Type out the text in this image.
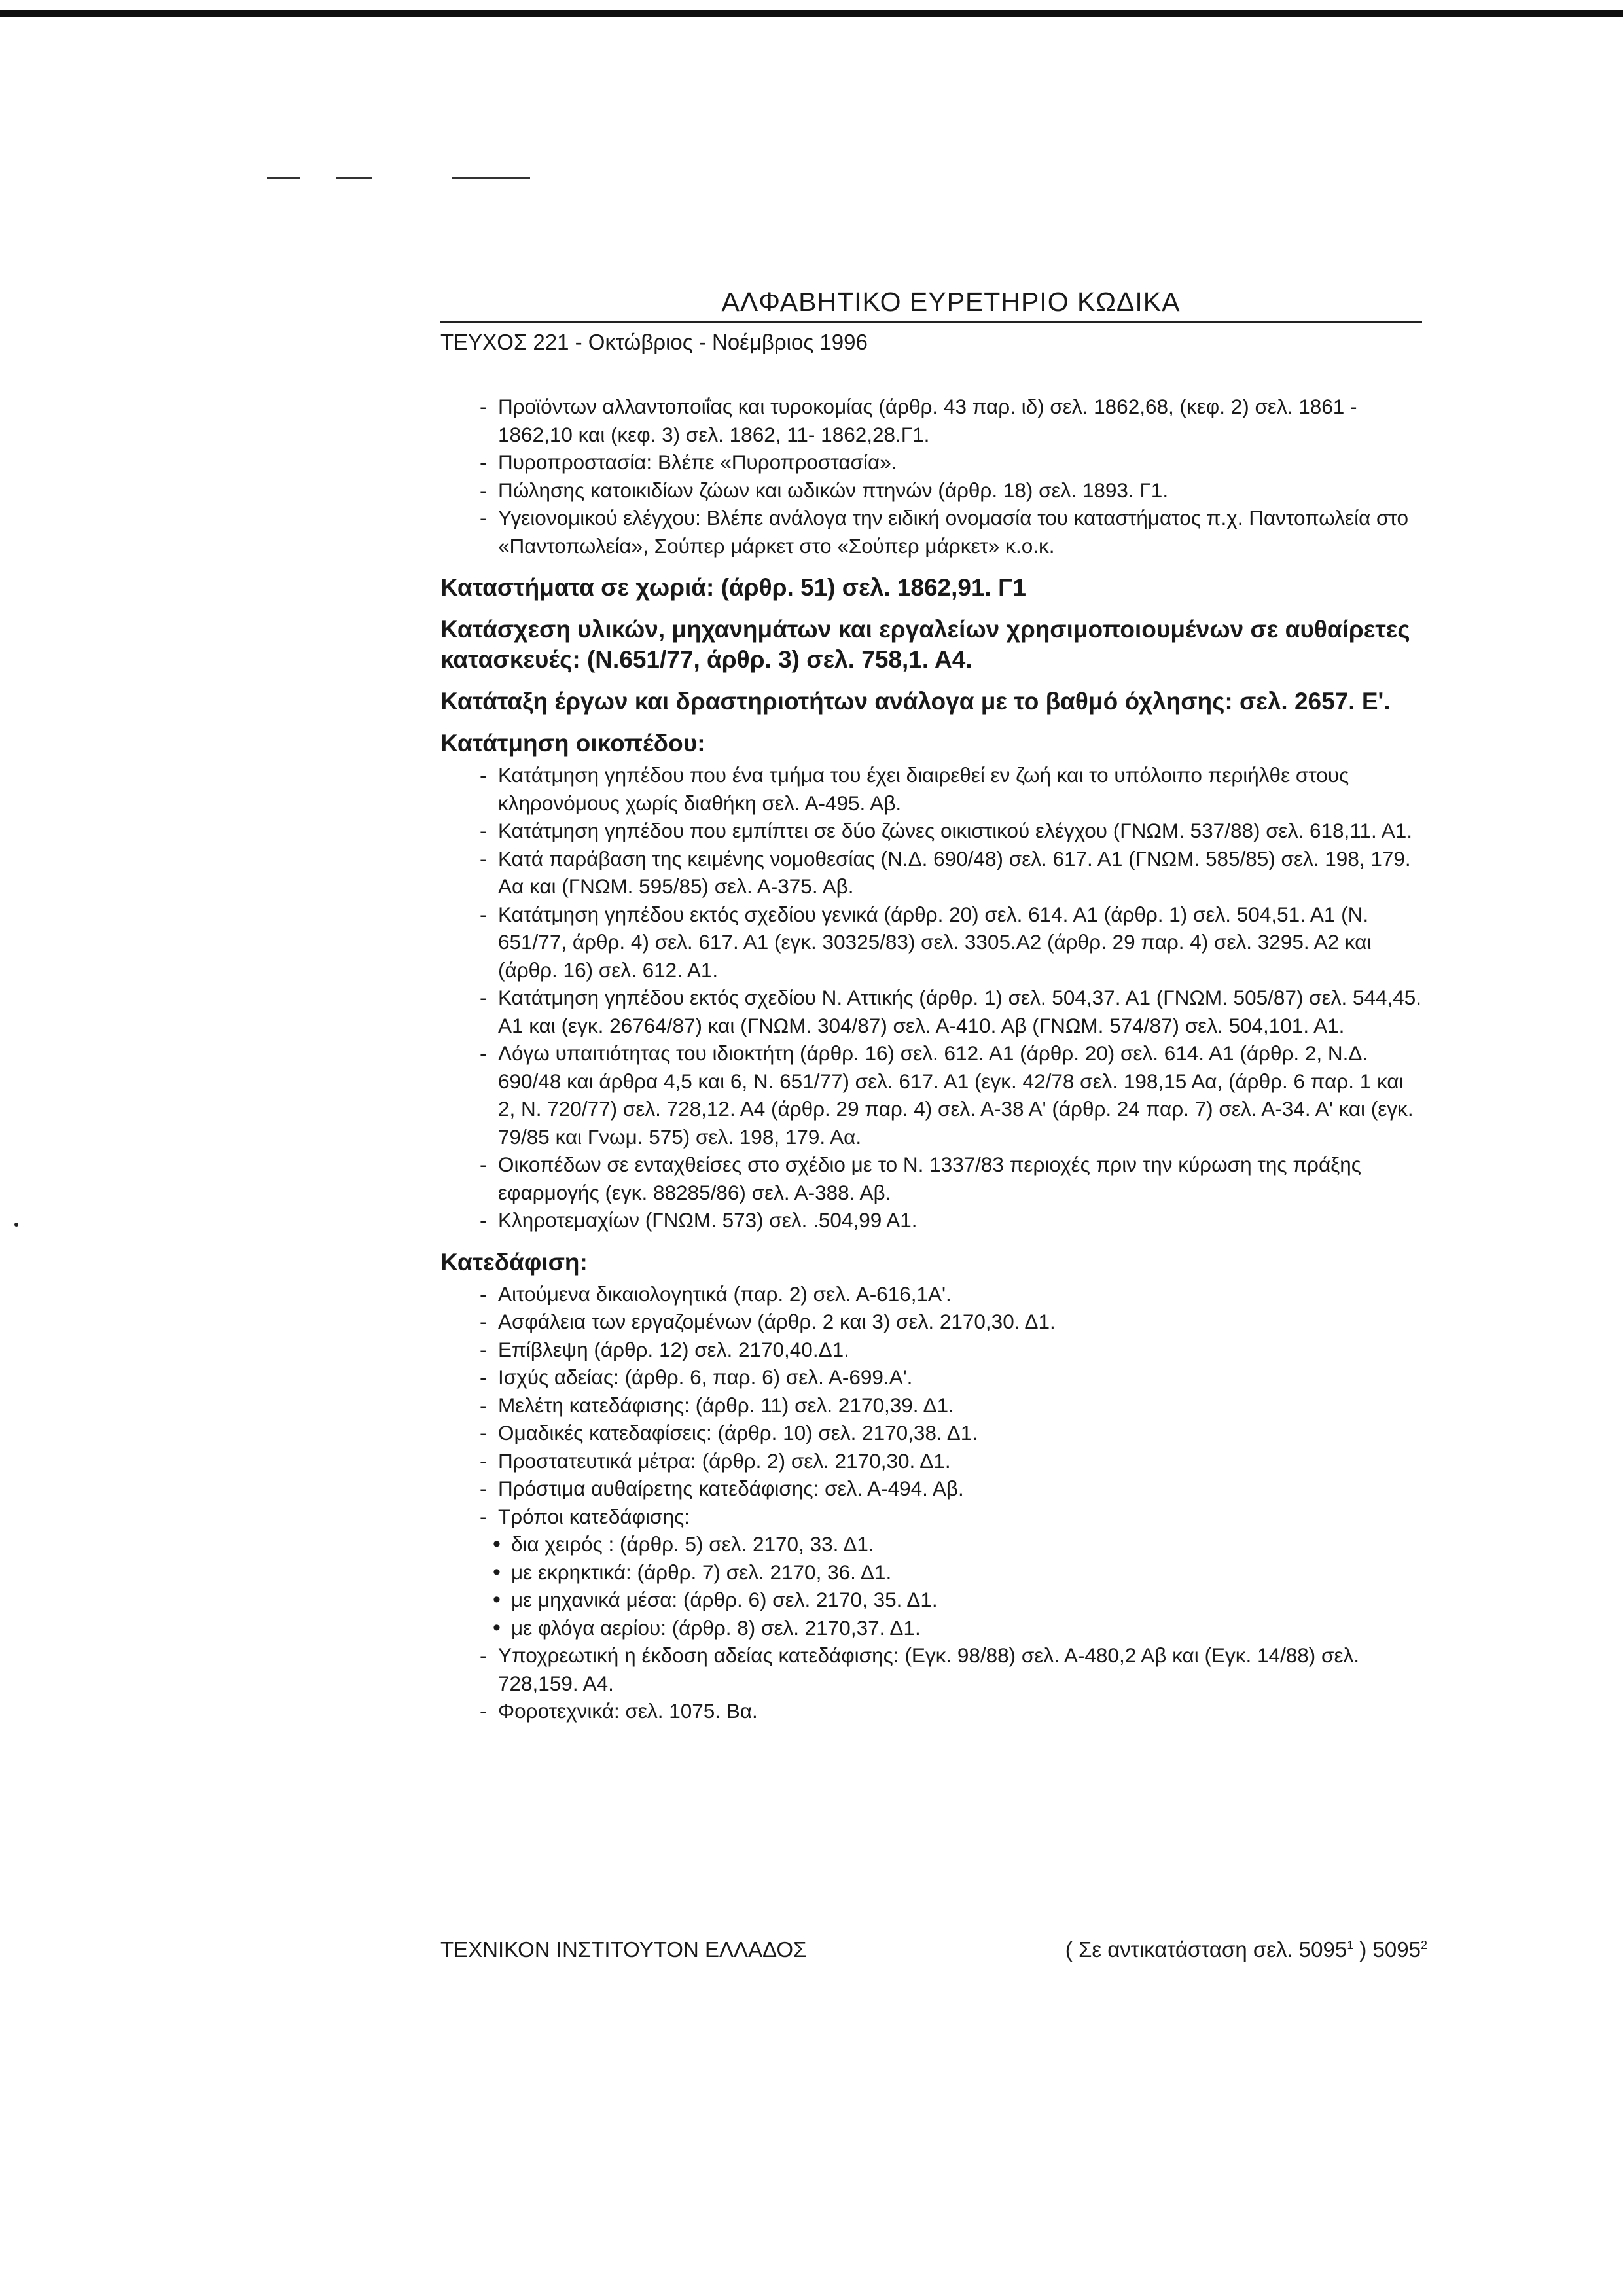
ΑΛΦΑΒΗΤΙΚΟ ΕΥΡΕΤΗΡΙΟ ΚΩΔΙΚΑ
ΤΕΥΧΟΣ 221 - Οκτώβριος - Νοέμβριος 1996
- Προϊόντων αλλαντοποιΐας και τυροκομίας (άρθρ. 43 παρ. ιδ) σελ. 1862,68, (κεφ. 2) σελ. 1861 - 1862,10 και (κεφ. 3) σελ. 1862, 11- 1862,28.Γ1.
- Πυροπροστασία: Βλέπε «Πυροπροστασία».
- Πώλησης κατοικιδίων ζώων και ωδικών πτηνών (άρθρ. 18) σελ. 1893. Γ1.
- Υγειονομικού ελέγχου: Βλέπε ανάλογα την ειδική ονομασία του καταστήματος π.χ. Παντοπωλεία στο «Παντοπωλεία», Σούπερ μάρκετ στο «Σούπερ μάρκετ» κ.ο.κ.

Καταστήματα σε χωριά: (άρθρ. 51) σελ. 1862,91. Γ1

Κατάσχεση υλικών, μηχανημάτων και εργαλείων χρησιμοποιουμένων σε αυθαίρετες κατασκευές: (Ν.651/77, άρθρ. 3) σελ. 758,1. Α4.

Κατάταξη έργων και δραστηριοτήτων ανάλογα με το βαθμό όχλησης: σελ. 2657. Ε'.

Κατάτμηση οικοπέδου:

- Κατάτμηση γηπέδου που ένα τμήμα του έχει διαιρεθεί εν ζωή και το υπόλοιπο περιήλθε στους κληρονόμους χωρίς διαθήκη σελ. Α-495. Αβ.
- Κατάτμηση γηπέδου που εμπίπτει σε δύο ζώνες οικιστικού ελέγχου (ΓΝΩΜ. 537/88) σελ. 618,11. Α1.
- Κατά παράβαση της κειμένης νομοθεσίας (Ν.Δ. 690/48) σελ. 617. Α1 (ΓΝΩΜ. 585/85) σελ. 198, 179. Αα και (ΓΝΩΜ. 595/85) σελ. Α-375. Αβ.
- Κατάτμηση γηπέδου εκτός σχεδίου γενικά (άρθρ. 20) σελ. 614. Α1 (άρθρ. 1) σελ. 504,51. Α1 (Ν. 651/77, άρθρ. 4) σελ. 617. Α1 (εγκ. 30325/83) σελ. 3305.Α2 (άρθρ. 29 παρ. 4) σελ. 3295. Α2 και (άρθρ. 16) σελ. 612. Α1.
- Κατάτμηση γηπέδου εκτός σχεδίου Ν. Αττικής (άρθρ. 1) σελ. 504,37. Α1 (ΓΝΩΜ. 505/87) σελ. 544,45. Α1 και (εγκ. 26764/87) και (ΓΝΩΜ. 304/87) σελ. Α-410. Αβ (ΓΝΩΜ. 574/87) σελ. 504,101. Α1.
- Λόγω υπαιτιότητας του ιδιοκτήτη (άρθρ. 16) σελ. 612. Α1 (άρθρ. 20) σελ. 614. Α1 (άρθρ. 2, Ν.Δ. 690/48 και άρθρα 4,5 και 6, Ν. 651/77) σελ. 617. Α1 (εγκ. 42/78 σελ. 198,15 Αα, (άρθρ. 6 παρ. 1 και 2, Ν. 720/77) σελ. 728,12. Α4 (άρθρ. 29 παρ. 4) σελ. Α-38 Α' (άρθρ. 24 παρ. 7) σελ. Α-34. Α' και (εγκ. 79/85 και Γνωμ. 575) σελ. 198, 179. Αα.
- Οικοπέδων σε ενταχθείσες στο σχέδιο με το Ν. 1337/83 περιοχές πριν την κύρωση της πράξης εφαρμογής (εγκ. 88285/86) σελ. Α-388. Αβ.
- Κληροτεμαχίων (ΓΝΩΜ. 573) σελ. .504,99 Α1.

Κατεδάφιση:

- Αιτούμενα δικαιολογητικά (παρ. 2) σελ. Α-616,1Α'.
- Ασφάλεια των εργαζομένων (άρθρ. 2 και 3) σελ. 2170,30. Δ1.
- Επίβλεψη (άρθρ. 12) σελ. 2170,40.Δ1.
- Ισχύς αδείας: (άρθρ. 6, παρ. 6) σελ. Α-699.Α'.
- Μελέτη κατεδάφισης: (άρθρ. 11) σελ. 2170,39. Δ1.
- Ομαδικές κατεδαφίσεις: (άρθρ. 10) σελ. 2170,38. Δ1.
- Προστατευτικά μέτρα: (άρθρ. 2) σελ. 2170,30. Δ1.
- Πρόστιμα αυθαίρετης κατεδάφισης: σελ. Α-494. Αβ.
- Τρόποι κατεδάφισης:
• δια χειρός : (άρθρ. 5) σελ. 2170, 33. Δ1.
• με εκρηκτικά: (άρθρ. 7) σελ. 2170, 36. Δ1.
• με μηχανικά μέσα: (άρθρ. 6) σελ. 2170, 35. Δ1.
• με φλόγα αερίου: (άρθρ. 8) σελ. 2170,37. Δ1.
- Υποχρεωτική η έκδοση αδείας κατεδάφισης: (Εγκ. 98/88) σελ. Α-480,2 Αβ και (Εγκ. 14/88) σελ. 728,159. Α4.
- Φοροτεχνικά: σελ. 1075. Βα.
ΤΕΧΝΙΚΟΝ ΙΝΣΤΙΤΟΥΤΟΝ ΕΛΛΑΔΟΣ	( Σε αντικατάσταση σελ. 5095$^1$ ) 5095$^2$
